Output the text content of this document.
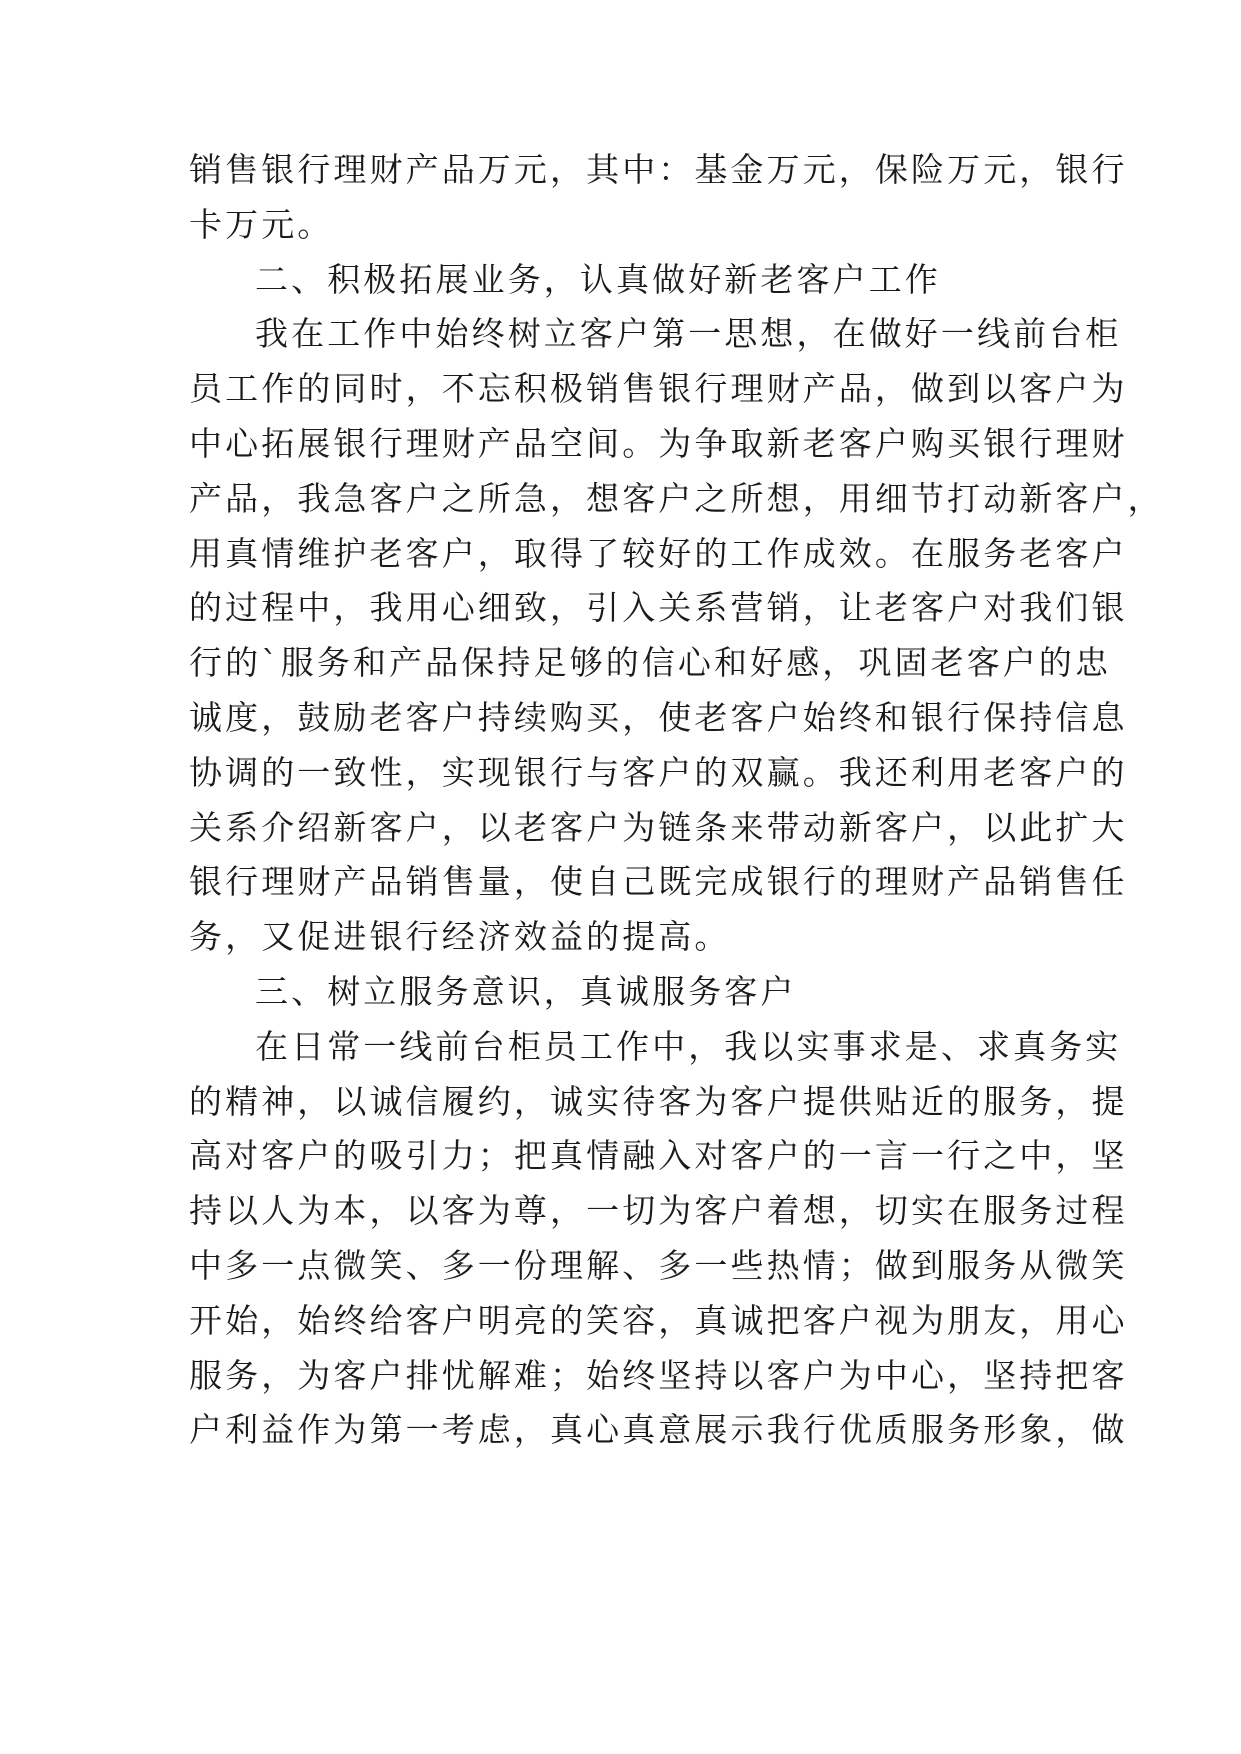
销售银行理财产品万元，其中：基金万元，保险万元，银行
卡万元。
二、积极拓展业务，认真做好新老客户工作
我在工作中始终树立客户第一思想，在做好一线前台柜
员工作的同时，不忘积极销售银行理财产品，做到以客户为
中心拓展银行理财产品空间。为争取新老客户购买银行理财
产品，我急客户之所急，想客户之所想，用细节打动新客户，
用真情维护老客户，取得了较好的工作成效。在服务老客户
的过程中，我用心细致，引入关系营销，让老客户对我们银
行的`服务和产品保持足够的信心和好感，巩固老客户的忠
诚度，鼓励老客户持续购买，使老客户始终和银行保持信息
协调的一致性，实现银行与客户的双赢。我还利用老客户的
关系介绍新客户，以老客户为链条来带动新客户，以此扩大
银行理财产品销售量，使自己既完成银行的理财产品销售任
务，又促进银行经济效益的提高。
三、树立服务意识，真诚服务客户
在日常一线前台柜员工作中，我以实事求是、求真务实
的精神，以诚信履约，诚实待客为客户提供贴近的服务，提
高对客户的吸引力；把真情融入对客户的一言一行之中，坚
持以人为本，以客为尊，一切为客户着想，切实在服务过程
中多一点微笑、多一份理解、多一些热情；做到服务从微笑
开始，始终给客户明亮的笑容，真诚把客户视为朋友，用心
服务，为客户排忧解难；始终坚持以客户为中心，坚持把客
户利益作为第一考虑，真心真意展示我行优质服务形象，做
